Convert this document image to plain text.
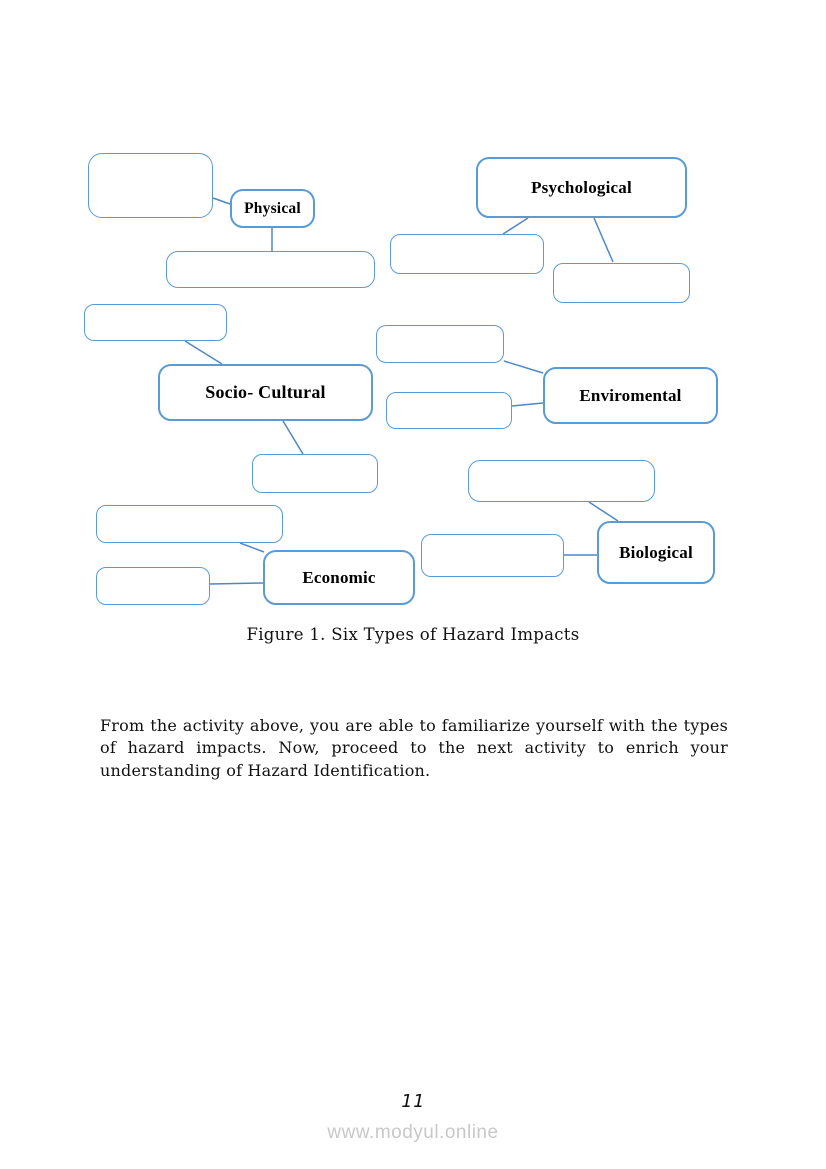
Physical
Psychological
Socio- Cultural	Enviromental
Biological
Economic
Figure 1. Six Types of Hazard Impacts
From the activity above, you are able to familiarize yourself with the types of hazard impacts. Now, proceed to the next activity to enrich your understanding of Hazard Identification.
11
www.modyul.online
